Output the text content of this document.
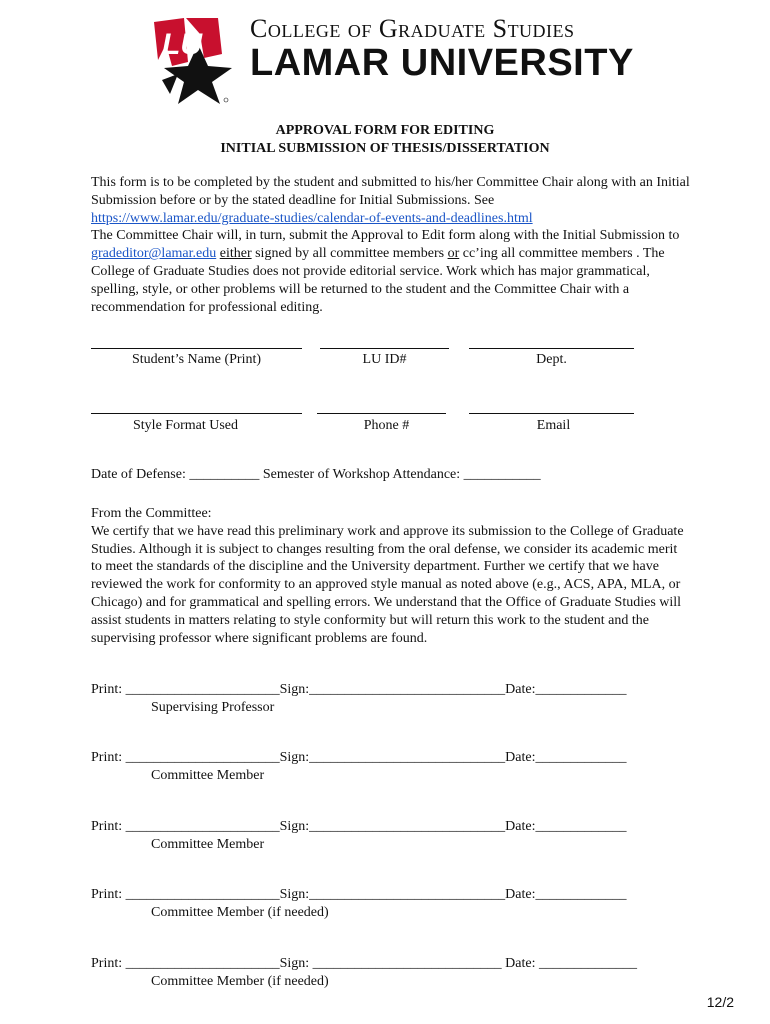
LU College of Graduate Studies
LAMAR UNIVERSITY
APPROVAL FORM FOR EDITING
INITIAL SUBMISSION OF THESIS/DISSERTATION
This form is to be completed by the student and submitted to his/her Committee Chair along with an Initial Submission before or by the stated deadline for Initial Submissions. See
https://www.lamar.edu/graduate-studies/calendar-of-events-and-deadlines.html
The Committee Chair will, in turn, submit the Approval to Edit form along with the Initial Submission to gradeditor@lamar.edu either signed by all committee members or cc’ing all committee members . The College of Graduate Studies does not provide editorial service. Work which has major grammatical, spelling, style, or other problems will be returned to the student and the Committee Chair with a recommendation for professional editing.
Student’s Name (Print)	LU ID#	Dept.
Style Format Used	Phone #	Email
Date of Defense: __________ Semester of Workshop Attendance: ___________
From the Committee:
We certify that we have read this preliminary work and approve its submission to the College of Graduate Studies. Although it is subject to changes resulting from the oral defense, we consider its academic merit to meet the standards of the discipline and the University department. Further we certify that we have reviewed the work for conformity to an approved style manual as noted above (e.g., ACS, APA, MLA, or Chicago) and for grammatical and spelling errors. We understand that the Office of Graduate Studies will assist students in matters relating to style conformity but will return this work to the student and the supervising professor where significant problems are found.
Print: ______________________Sign:____________________________Date:_____________
Supervising Professor
Print: ______________________Sign:____________________________Date:_____________
Committee Member
Print: ______________________Sign:____________________________Date:_____________
Committee Member
Print: ______________________Sign:____________________________Date:_____________
Committee Member (if needed)
Print: ______________________Sign: ___________________________ Date: ______________
Committee Member (if needed)
12/2
